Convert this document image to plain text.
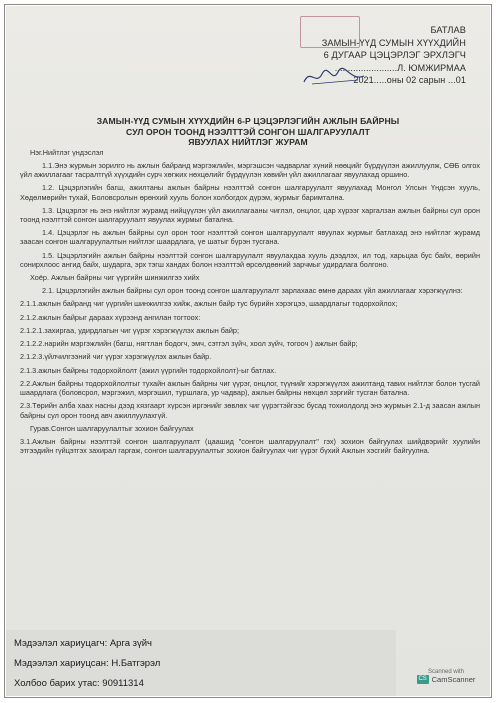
БАТЛАВ
ЗАМЫН-ҮҮД СУМЫН ХҮҮХДИЙН
6 ДУГААР ЦЭЦЭРЛЭГ ЭРХЛЭГЧ
........................Л. ЮМЖИРМАА
2021.....оны 02 сарын ...01
ЗАМЫН-ҮҮД СУМЫН ХҮҮХДИЙН 6-Р ЦЭЦЭРЛЭГИЙН АЖЛЫН БАЙРНЫ
СУЛ ОРОН ТООНД НЭЭЛТТЭЙ СОНГОН ШАЛГАРУУЛАЛТ
ЯВУУЛАХ НИЙТЛЭГ ЖУРАМ

Нэг.Нийтлэг үндэслэл

1.1.Энэ журмын зорилго нь ажлын байранд мэргэжлийн, мэргэшсэн чадварлаг хүний нөөцийг бүрдүүлэн ажиллуулж, СӨБ олгох үйл ажиллагааг тасралтгүй хүүхдийн сурч хөгжих нөхцөлийг бүрдүүлэн хөвийн үйл ажиллагааг явуулахад оршино.

1.2. Цэцэрлэгийн багш, ажилтаны ажлын байрны нээлттэй сонгон шалгаруулалт явуулахад Монгол Улсын Үндсэн хууль, Хөдөлмөрийн тухай, Боловсролын өрөнхий хууль болон холбогдох дүрэм, журмыг баримтална.

1.3. Цэцэрлэг нь энэ нийтлэг журамд нийцүүлэн үйл ажиллагааны чиглэл, онцлог, цар хүрээг харгалзан ажлын байрны сул орон тоонд нээлттэй сонгон шалгаруулалт явуулах журмыг батална.

1.4. Цэцэрлэг нь ажлын байрны сул орон тоог нээлттэй сонгон шалгаруулалт явуулах журмыг батлахад энэ нийтлэг журамд заасан сонгон шалгаруулалтын нийтлэг шаардлага, үе шатыг бүрэн тусгана.

1.5. Цэцэрлэгийн ажлын байрны нээлттэй сонгон шалгаруулалт явуулахдаа хууль дээдлэх, ил тод, харьцаа бус байх, өөрийн сонирхлоос ангид байх, шударга, эрх тэгш хандах болон нээлттэй өрсөлдөөний зарчмыг удирдлага болгоно.

Хоёр. Ажлын байрны чиг үүргийн шинжилгээ хийх

2.1. Цэцэрлэгийн ажлын байрны сул орон тоонд сонгон шалгаруулалт зарлахаас өмнө дараах үйл ажиллагааг хэрэгжүүлнэ:

2.1.1.ажлын байранд чиг үүргийн шинжилгээ хийж, ажлын байр тус бүрийн хэрэгцээ, шаардлагыг тодорхойлох;

2.1.2.ажлын байрыг дараах хүрээнд ангилан тогтоох:

2.1.2.1.захиргаа, удирдлагын чиг үүрэг хэрэгжүүлэх ажлын байр;

2.1.2.2.нарийн мэргэжлийн (багш, нягтлан бодогч, эмч, сэтгэл зүйч, хоол зүйч, тогооч ) ажлын байр;

2.1.2.3.үйлчилгээний чиг үүрэг хэрэгжүүлэх ажлын байр.

2.1.3.ажлын байрны тодорхойлолт (ажил үүргийн тодорхойлолт)-ыг батлах.

2.2.Ажлын байрны тодорхойлолтыг тухайн ажлын байрны чиг үүрэг, онцлог, түүнийг хэрэгжүүлэх ажилтанд тавих нийтлэг болон тусгай шаардлага (боловсрол, мэргэжил, мэргэшил, туршлага, ур чадвар), ажлын байрны нөхцөл зэргийг тусган батална.

2.3.Төрийн алба хаах насны дээд хязгаарт хүрсэн иргэнийг зөвлөх чиг үүрэгтэйгээс бусад тохиолдолд энэ журмын 2.1-д заасан ажлын байрны сул орон тоонд авч ажиллуулахгүй.

Гурав.Сонгон шалгаруулалтыг зохион байгуулах

3.1.Ажлын байрны нээлттэй сонгон шалгаруулалт (цаашид "сонгон шалгаруулалт" гэх) зохион байгуулах шийдвэрийг хуулийн этгээдийн гүйцэтгэх захирал гаргаж, сонгон шалгаруулалтыг зохион байгуулах чиг үүрэг бүхий Ажлын хэсгийг байгуулна.

Мэдээлэл хариуцагч: Арга зүйч
Мэдээлэл хариуцсан: Н.Батгэрэл
Холбоо барих утас: 90911314
Scanned with
CS CamScanner
